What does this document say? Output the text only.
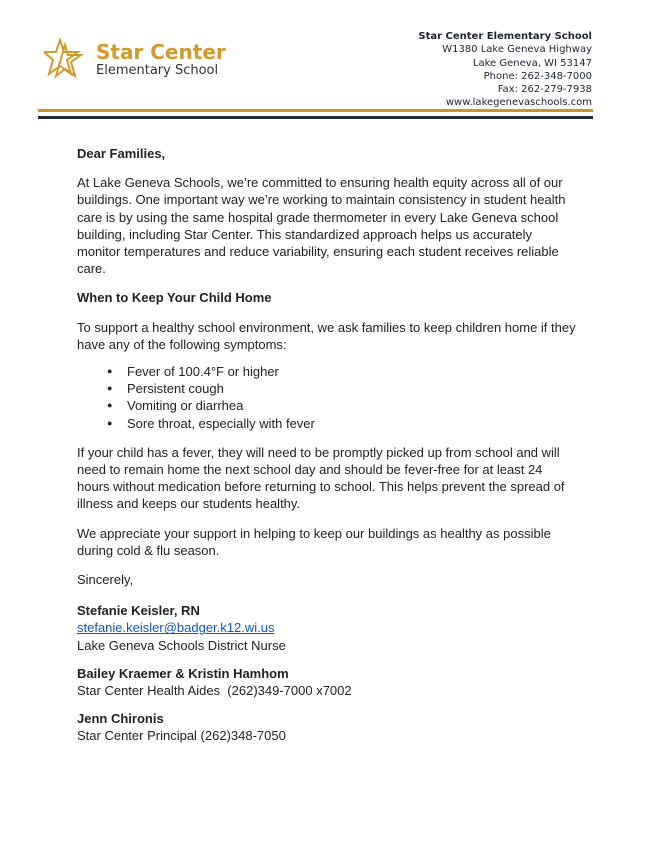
Star Center
Elementary School
Star Center Elementary School
W1380 Lake Geneva Highway
Lake Geneva, WI 53147
Phone: 262-348-7000
Fax: 262-279-7938
www.lakegenevaschools.com

Dear Families,

At Lake Geneva Schools, we’re committed to ensuring health equity across all of our buildings. One important way we’re working to maintain consistency in student health care is by using the same hospital grade thermometer in every Lake Geneva school building, including Star Center. This standardized approach helps us accurately monitor temperatures and reduce variability, ensuring each student receives reliable care.

When to Keep Your Child Home

To support a healthy school environment, we ask families to keep children home if they have any of the following symptoms:

● Fever of 100.4°F or higher
● Persistent cough
● Vomiting or diarrhea
● Sore throat, especially with fever

If your child has a fever, they will need to be promptly picked up from school and will need to remain home the next school day and should be fever-free for at least 24 hours without medication before returning to school. This helps prevent the spread of illness and keeps our students healthy.

We appreciate your support in helping to keep our buildings as healthy as possible during cold & flu season.

Sincerely,

Stefanie Keisler, RN
stefanie.keisler@badger.k12.wi.us
Lake Geneva Schools District Nurse
Bailey Kraemer & Kristin Hamhom
Star Center Health Aides  (262)349-7000 x7002
Jenn Chironis
Star Center Principal (262)348-7050
